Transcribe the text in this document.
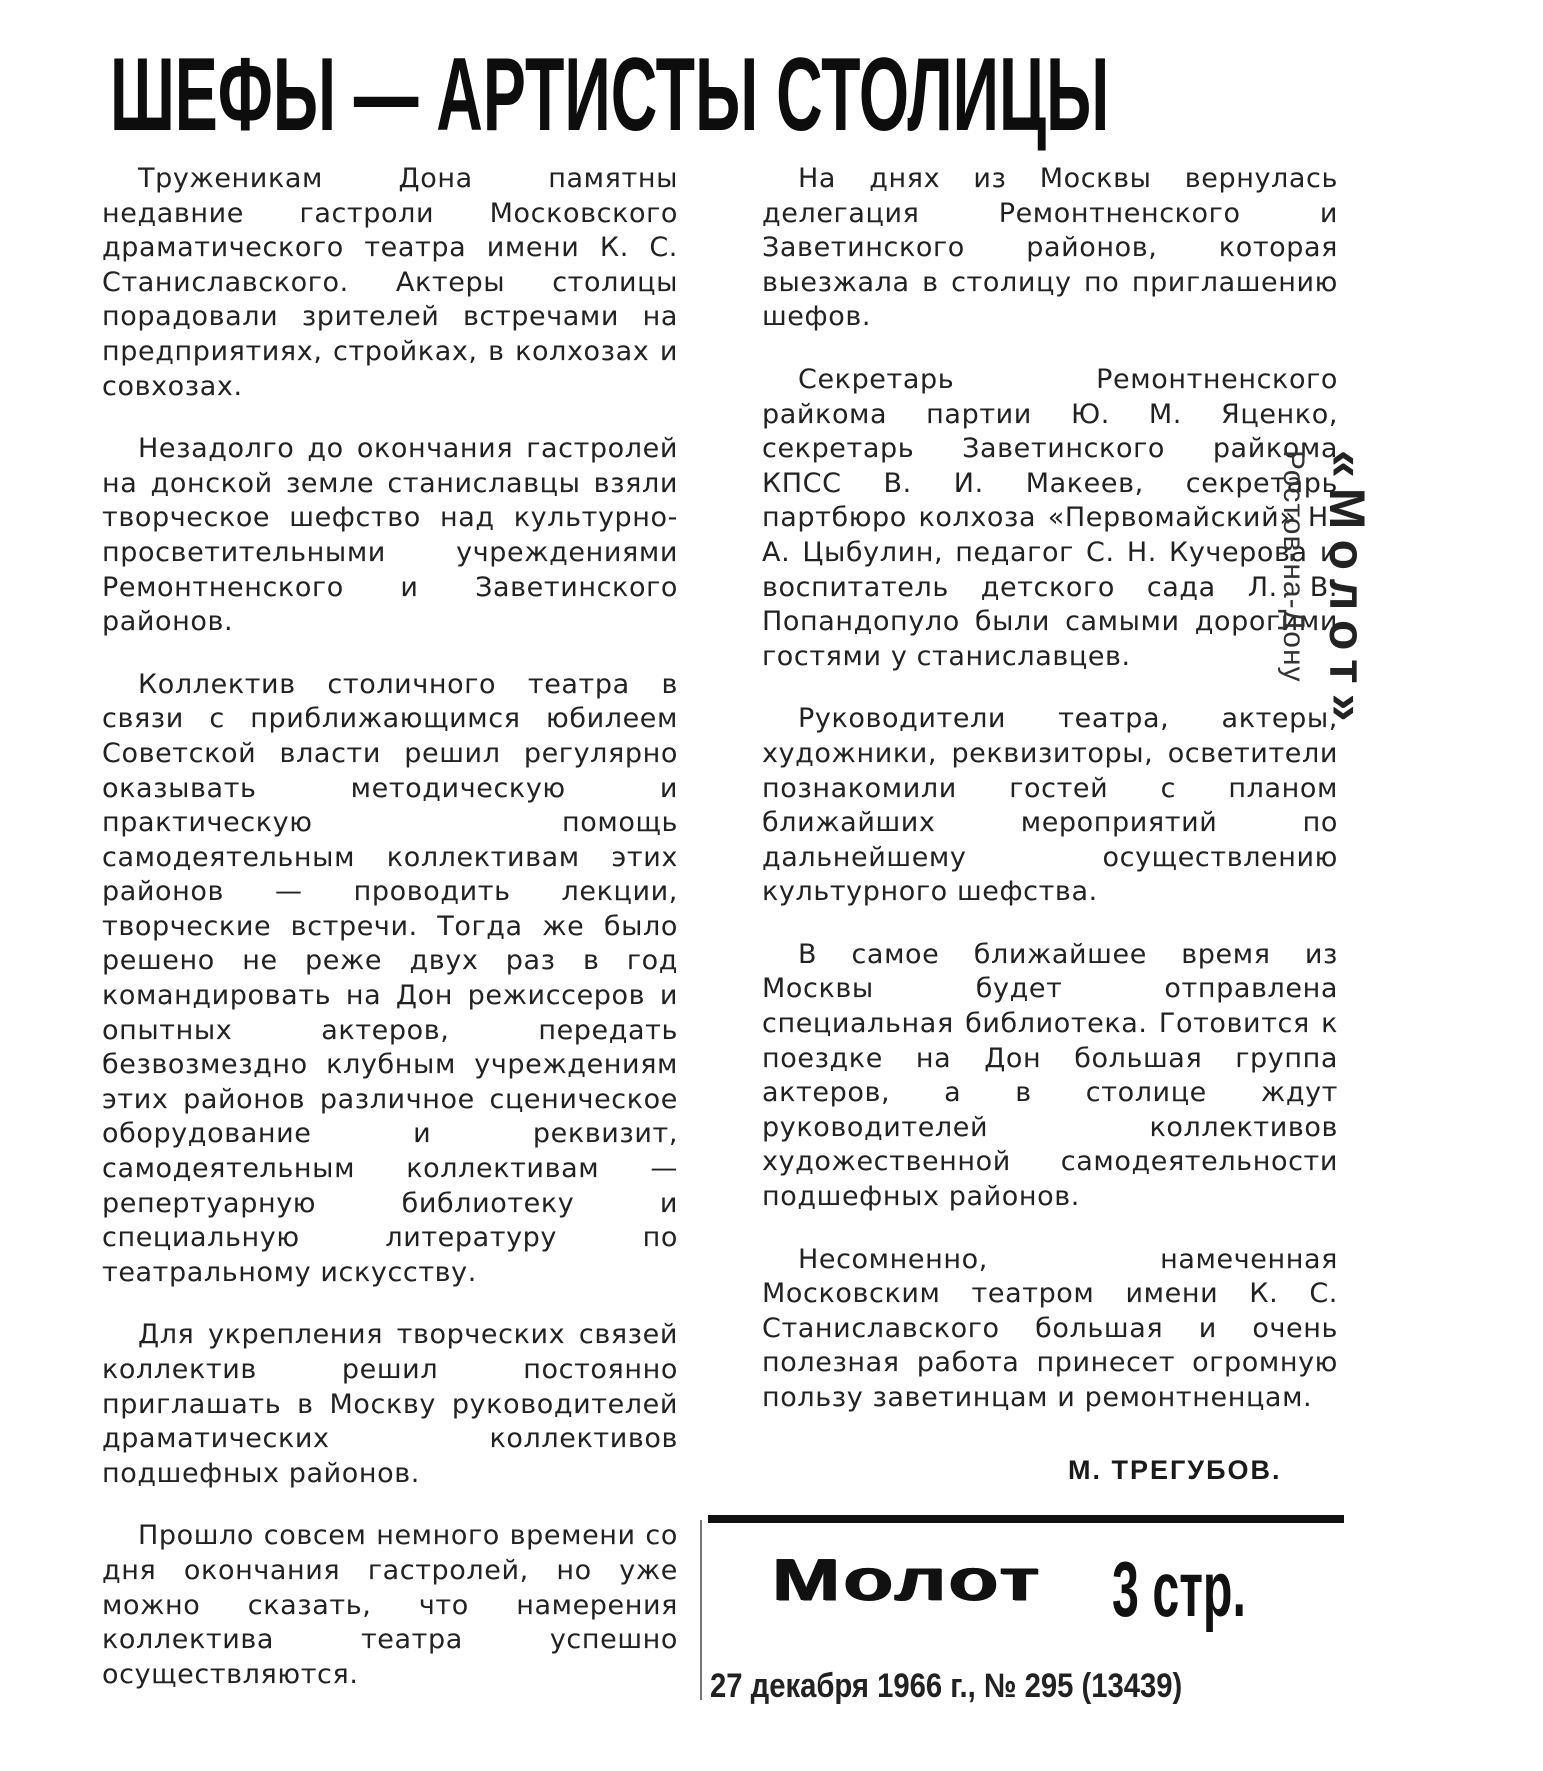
ШЕФЫ — АРТИСТЫ СТОЛИЦЫ

Труженикам Дона памятны недавние гастроли Московского драматического театра имени К. С. Станиславского. Актеры столицы порадовали зрителей встречами на предприятиях, стройках, в колхозах и совхозах.

Незадолго до окончания гастролей на донской земле станиславцы взяли творческое шефство над культурно-просветительными учреждениями Ремонтненского и Заветинского районов.

Коллектив столичного театра в связи с приближающимся юбилеем Советской власти решил регулярно оказывать методическую и практическую помощь самодеятельным коллективам этих районов — проводить лекции, творческие встречи. Тогда же было решено не реже двух раз в год командировать на Дон режиссеров и опытных актеров, передать безвозмездно клубным учреждениям этих районов различное сценическое оборудование и реквизит, самодеятельным коллективам — репертуарную библиотеку и специальную литературу по театральному искусству.

Для укрепления творческих связей коллектив решил постоянно приглашать в Москву руководителей драматических коллективов подшефных районов.

Прошло совсем немного времени со дня окончания гастролей, но уже можно сказать, что намерения коллектива театра успешно осуществляются.

На днях из Москвы вернулась делегация Ремонтненского и Заветинского районов, которая выезжала в столицу по приглашению шефов.

Секретарь Ремонтненского райкома партии Ю. М. Яценко, секретарь Заветинского райкома КПСС В. И. Макеев, секретарь партбюро колхоза «Первомайский» Н. А. Цыбулин, педагог С. Н. Кучерова и воспитатель детского сада Л. В. Попандопуло были самыми дорогими гостями у станиславцев.

Руководители театра, актеры, художники, реквизиторы, осветители познакомили гостей с планом ближайших мероприятий по дальнейшему осуществлению культурного шефства.

В самое ближайшее время из Москвы будет отправлена специальная библиотека. Готовится к поездке на Дон большая группа актеров, а в столице ждут руководителей коллективов художественной самодеятельности подшефных районов.

Несомненно, намеченная Московским театром имени К. С. Станиславского большая и очень полезная работа принесет огромную пользу заветинцам и ремонтненцам.

М. ТРЕГУБОВ.

Молот 3 стр.

27 декабря 1966 г., № 295 (13439)

«Молот»
Ростов-на-Дону
